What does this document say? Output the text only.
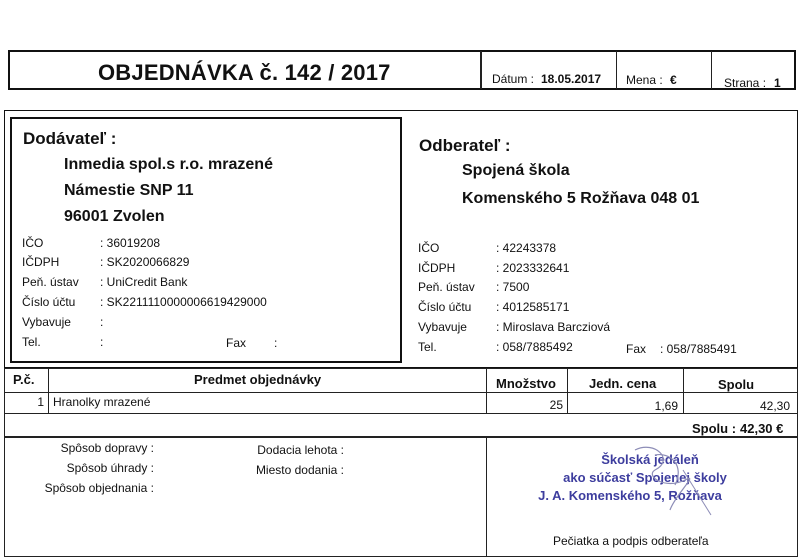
OBJEDNÁVKA č. 142 / 2017	Dátum : 18.05.2017 Mena : €	Strana : 1
Dodávateľ :
Inmedia spol.s r.o. mrazené
Námestie SNP 11
96001 Zvolen
IČO	: 36019208
IČDPH	: SK2020066829
Peň. ústav : UniCredit Bank
Číslo účtu : SK2211110000006619429000
Vybavuje :
Tel.	:	Fax :
Odberateľ :
Spojená škola
Komenského 5 Rožňava 048 01
IČO	: 42243378
IČDPH	: 2023332641
Peň. ústav : 7500
Číslo účtu : 4012585171
Vybavuje : Miroslava Barcziová
Tel.	: 058/7885492	Fax : 058/7885491
P.č.	Predmet objednávky	Množstvo	Jedn. cena	Spolu
1 Hranolky mrazené	25	1,69	42,30
Spolu : 42,30 €
Spôsob dopravy :
Spôsob úhrady :
Spôsob objednania :
Dodacia lehota :
Miesto dodania :
Školská jedáleň
ako súčasť Spojenej školy
J. A. Komenského 5, Rožňava
Pečiatka a podpis odberateľa
